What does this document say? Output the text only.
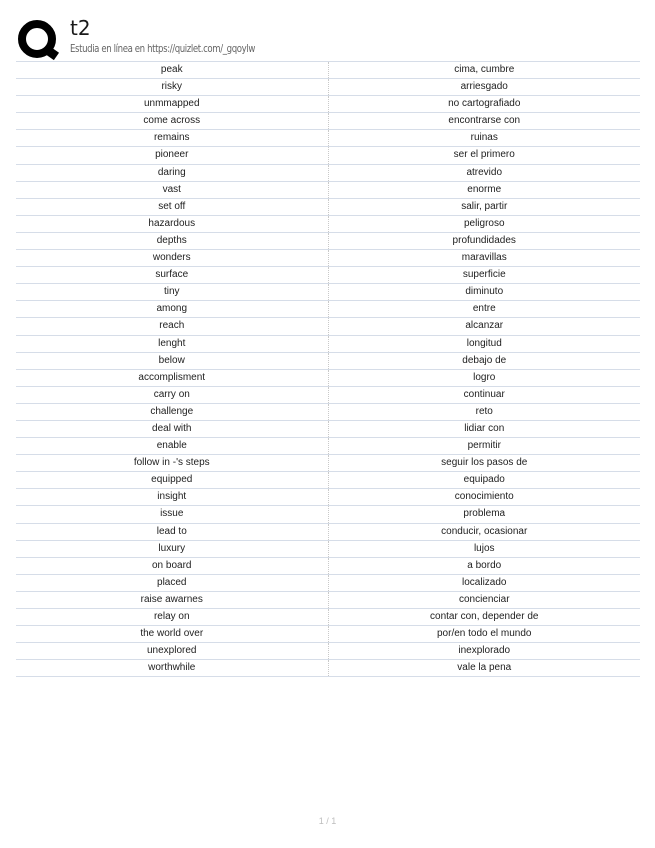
t2
Estudia en línea en https://quizlet.com/_gqoylw
peak	cima, cumbre
risky	arriesgado
unmmapped	no cartografiado
come across	encontrarse con
remains	ruinas
pioneer	ser el primero
daring	atrevido
vast	enorme
set off	salir, partir
hazardous	peligroso
depths	profundidades
wonders	maravillas
surface	superficie
tiny	diminuto
among	entre
reach	alcanzar
lenght	longitud
below	debajo de
accomplisment	logro
carry on	continuar
challenge	reto
deal with	lidiar con
enable	permitir
follow in -'s steps	seguir los pasos de
equipped	equipado
insight	conocimiento
issue	problema
lead to	conducir, ocasionar
luxury	lujos
on board	a bordo
placed	localizado
raise awarnes	concienciar
relay on	contar con, depender de
the world over	por/en todo el mundo
unexplored	inexplorado
worthwhile	vale la pena
1 / 1
